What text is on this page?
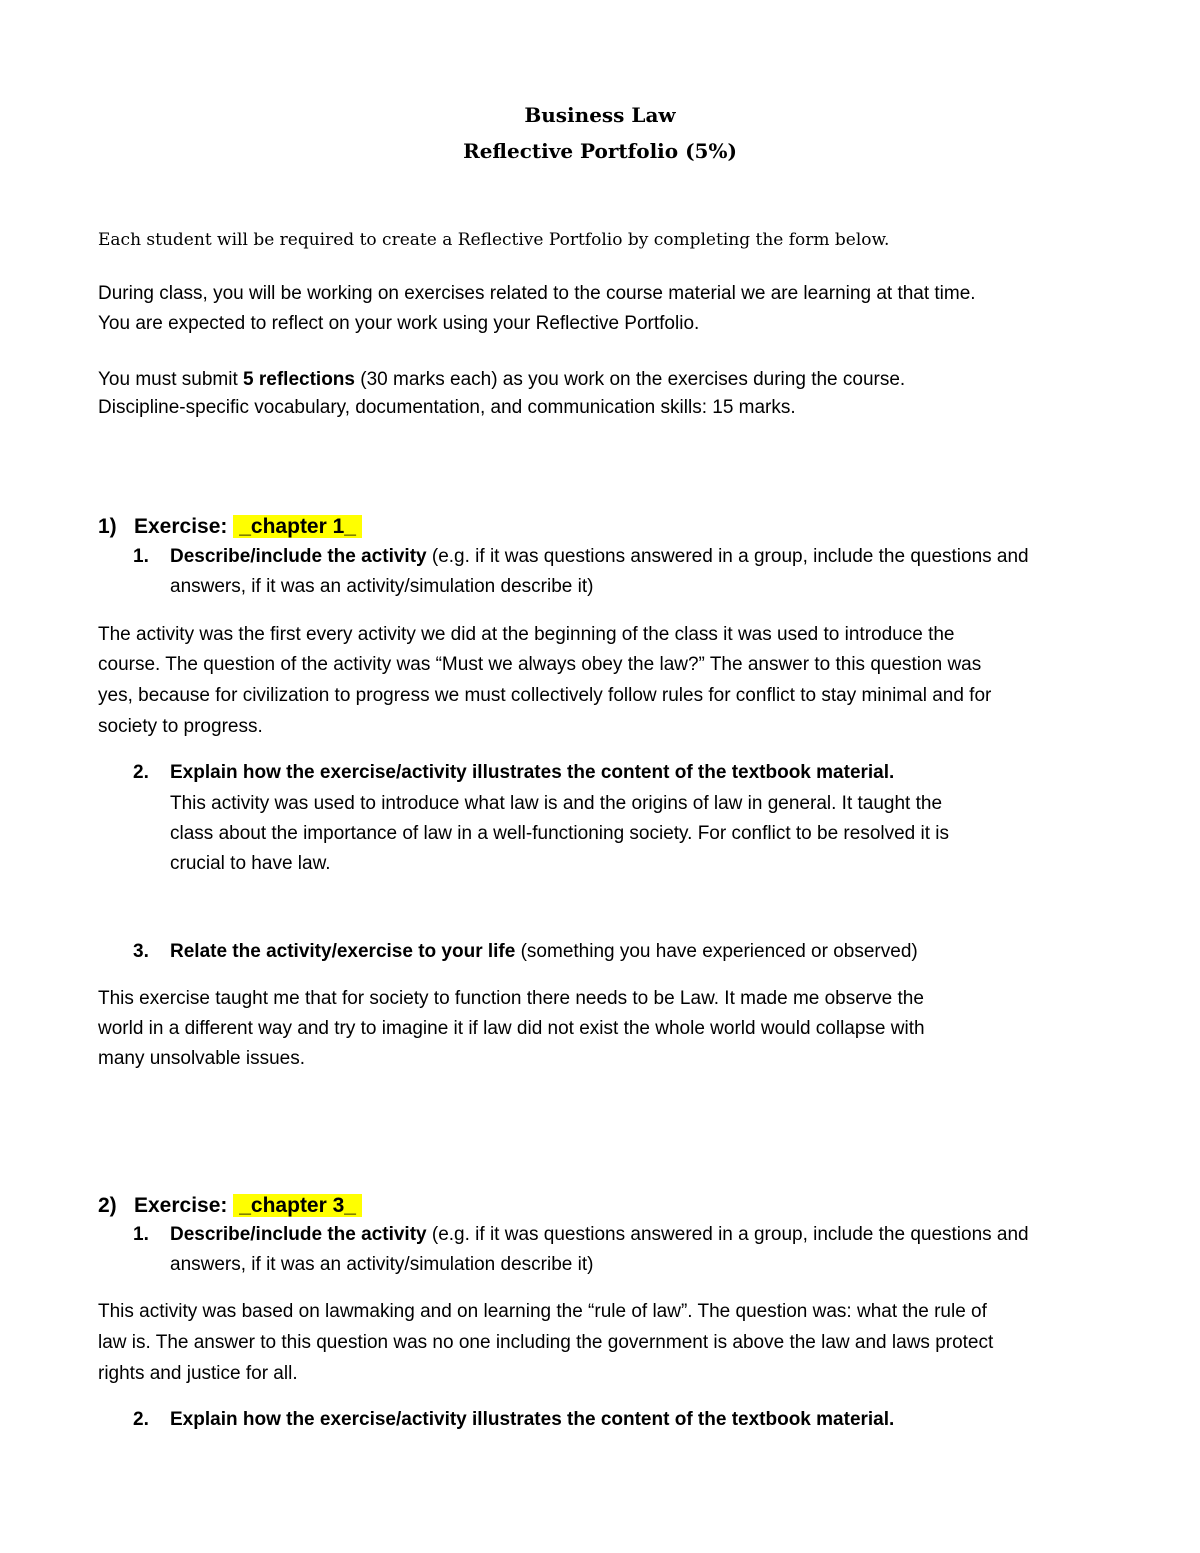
Business Law
Reflective Portfolio (5%)
Each student will be required to create a Reflective Portfolio by completing the form below.
During class, you will be working on exercises related to the course material we are learning at that time.
You are expected to reflect on your work using your Reflective Portfolio.
You must submit 5 reflections (30 marks each) as you work on the exercises during the course.
Discipline-specific vocabulary, documentation, and communication skills: 15 marks.
1) Exercise: _chapter 1_
1. Describe/include the activity (e.g. if it was questions answered in a group, include the questions and
answers, if it was an activity/simulation describe it)
The activity was the first every activity we did at the beginning of the class it was used to introduce the
course. The question of the activity was “Must we always obey the law?” The answer to this question was
yes, because for civilization to progress we must collectively follow rules for conflict to stay minimal and for
society to progress.
2. Explain how the exercise/activity illustrates the content of the textbook material.
This activity was used to introduce what law is and the origins of law in general. It taught the
class about the importance of law in a well-functioning society. For conflict to be resolved it is
crucial to have law.
3. Relate the activity/exercise to your life (something you have experienced or observed)
This exercise taught me that for society to function there needs to be Law. It made me observe the
world in a different way and try to imagine it if law did not exist the whole world would collapse with
many unsolvable issues.
2) Exercise: _chapter 3_
1. Describe/include the activity (e.g. if it was questions answered in a group, include the questions and
answers, if it was an activity/simulation describe it)
This activity was based on lawmaking and on learning the “rule of law”. The question was: what the rule of
law is. The answer to this question was no one including the government is above the law and laws protect
rights and justice for all.
2. Explain how the exercise/activity illustrates the content of the textbook material.
